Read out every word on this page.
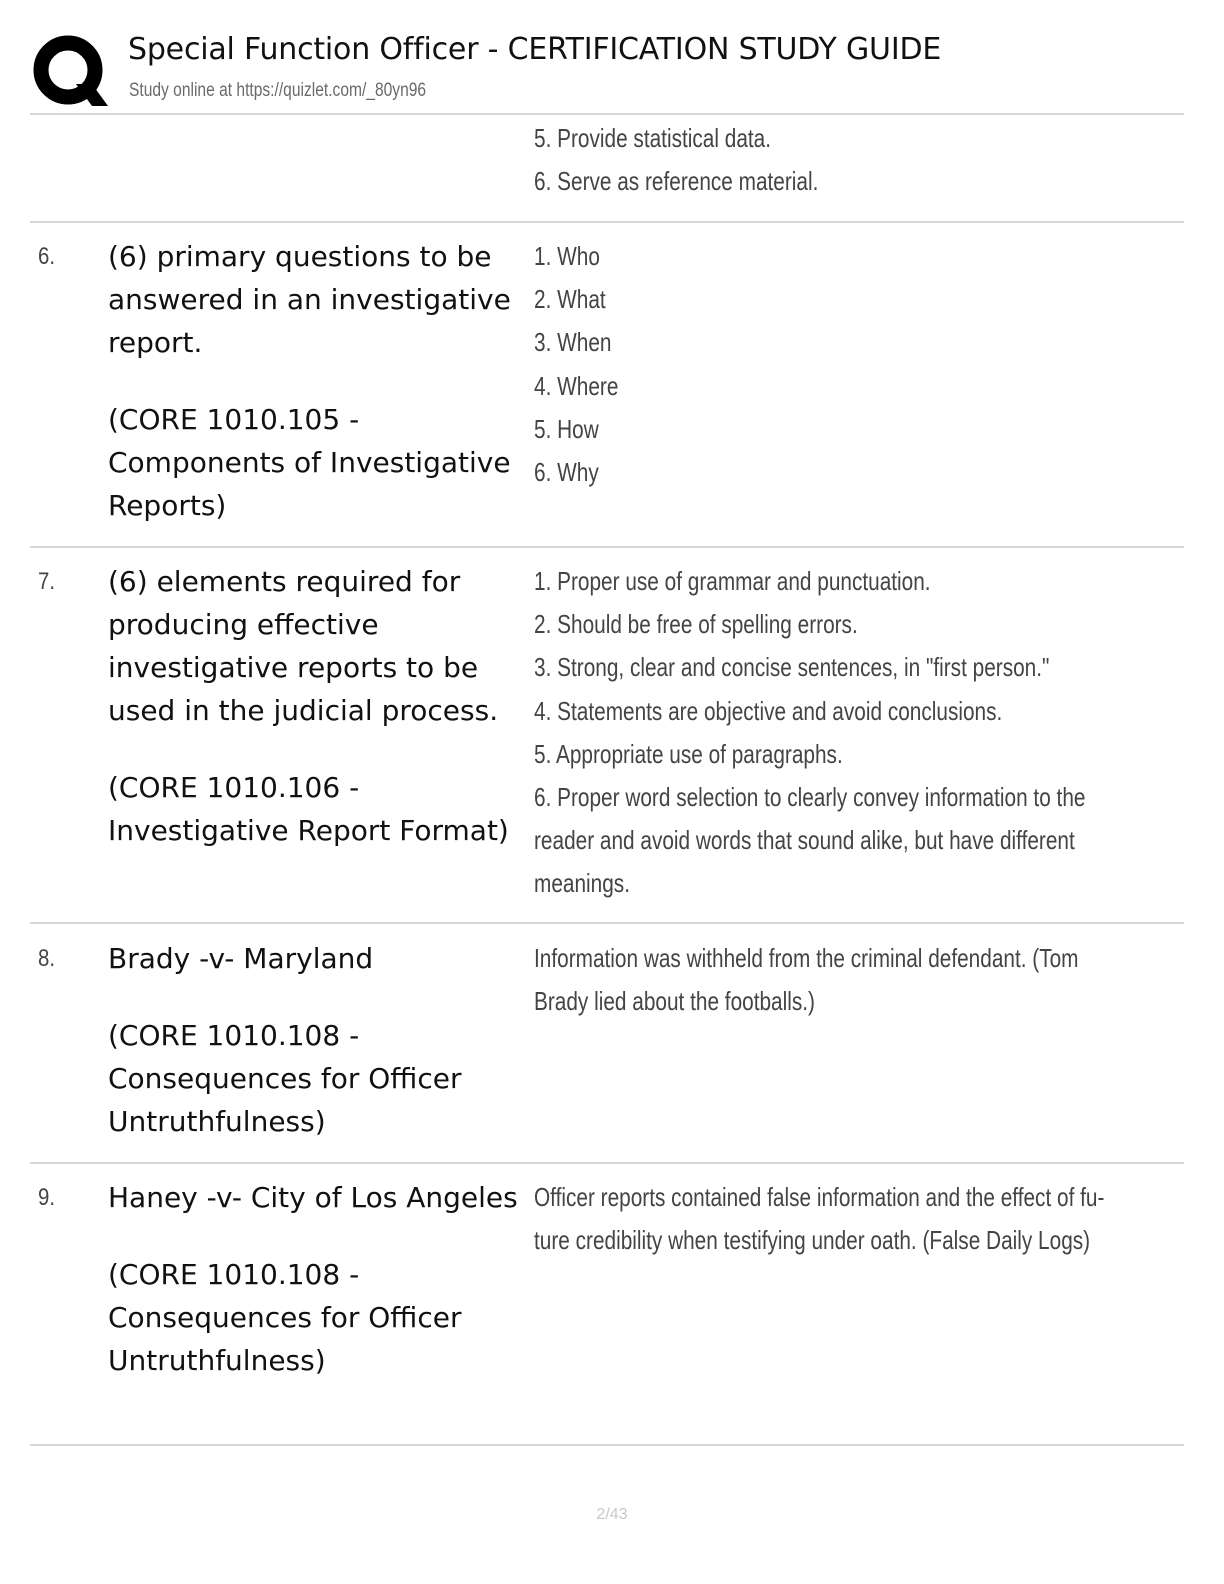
Special Function Officer - CERTIFICATION STUDY GUIDE
Study online at https://quizlet.com/_80yn96
5. Provide statistical data.
6. Serve as reference material.
6. (6) primary questions to be answered in an investigative report.

(CORE 1010.105 - Components of Investigative Reports)

1. Who
2. What
3. When
4. Where
5. How
6. Why
7. (6) elements required for producing effective investigative reports to be used in the judicial process.

(CORE 1010.106 - Investigative Report Format)

1. Proper use of grammar and punctuation.
2. Should be free of spelling errors.
3. Strong, clear and concise sentences, in "first person."
4. Statements are objective and avoid conclusions.
5. Appropriate use of paragraphs.
6. Proper word selection to clearly convey information to the
reader and avoid words that sound alike, but have different
meanings.
8. Brady -v- Maryland

(CORE 1010.108 - Consequences for Officer Untruthfulness)

Information was withheld from the criminal defendant. (Tom
Brady lied about the footballs.)
9. Haney -v- City of Los Angeles

(CORE 1010.108 - Consequences for Officer Untruthfulness)

Officer reports contained false information and the effect of fu-
ture credibility when testifying under oath. (False Daily Logs)
2/43
